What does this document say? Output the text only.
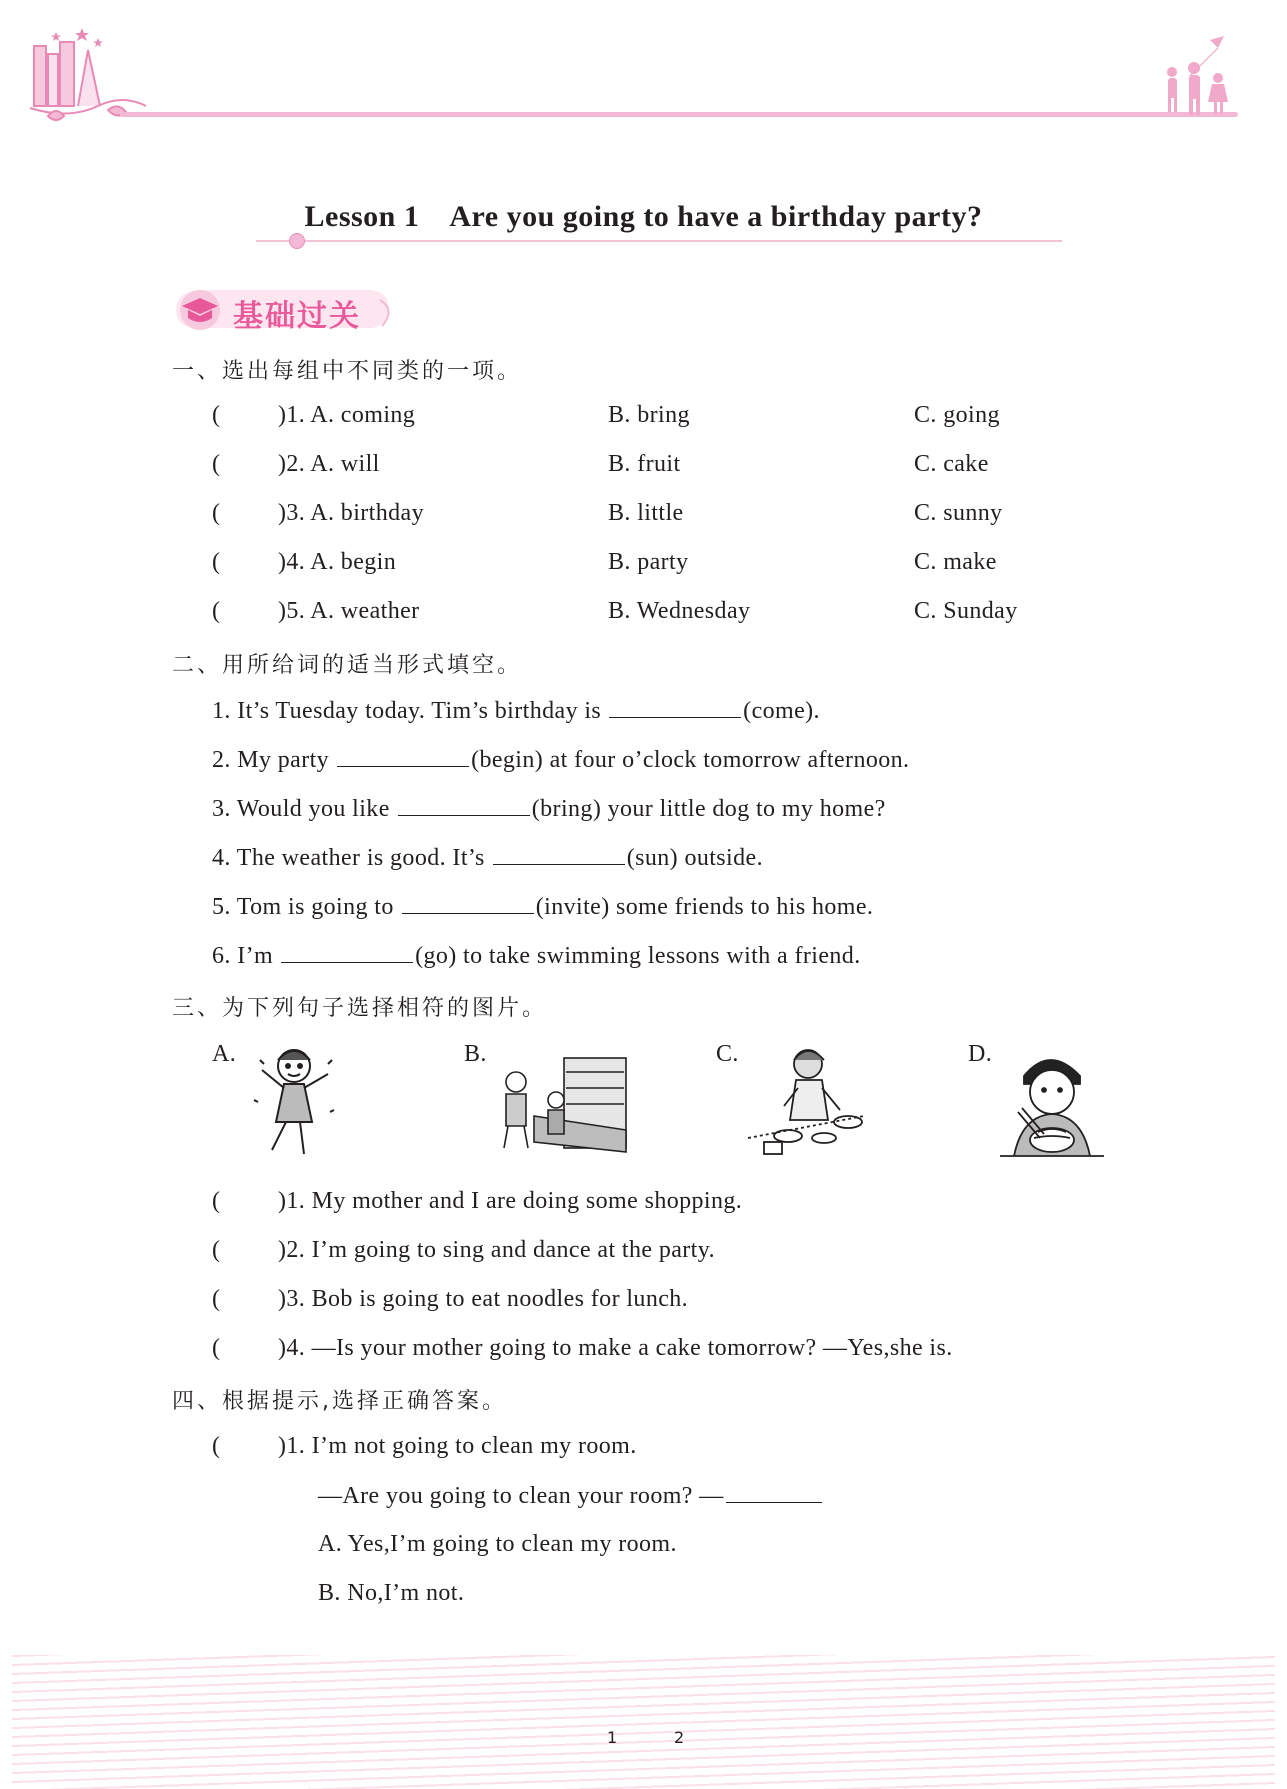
Lesson 1 Are you going to have a birthday party?
基础过关
一、选出每组中不同类的一项。
( )1. A. coming	B. bring	C. going
( )2. A. will	B. fruit	C. cake
( )3. A. birthday	B. little	C. sunny
( )4. A. begin	B. party	C. make
( )5. A. weather	B. Wednesday	C. Sunday
二、用所给词的适当形式填空。
1. It’s Tuesday today. Tim’s birthday is	(come).
2. My party	(begin) at four o’clock tomorrow afternoon.
3. Would you like	(bring) your little dog to my home?
4. The weather is good. It’s	(sun) outside.
5. Tom is going to	(invite) some friends to his home.
6. I’m	(go) to take swimming lessons with a friend.
三、为下列句子选择相符的图片。
A.	B.	C.	D.
( )1. My mother and I are doing some shopping.
( )2. I’m going to sing and dance at the party.
( )3. Bob is going to eat noodles for lunch.
( )4. —Is your mother going to make a cake tomorrow? —Yes,she is.
四、根据提示,选择正确答案。
( )1. I’m not going to clean my room.
—Are you going to clean your room? —
A. Yes,I’m going to clean my room.
B. No,I’m not.
1	2
